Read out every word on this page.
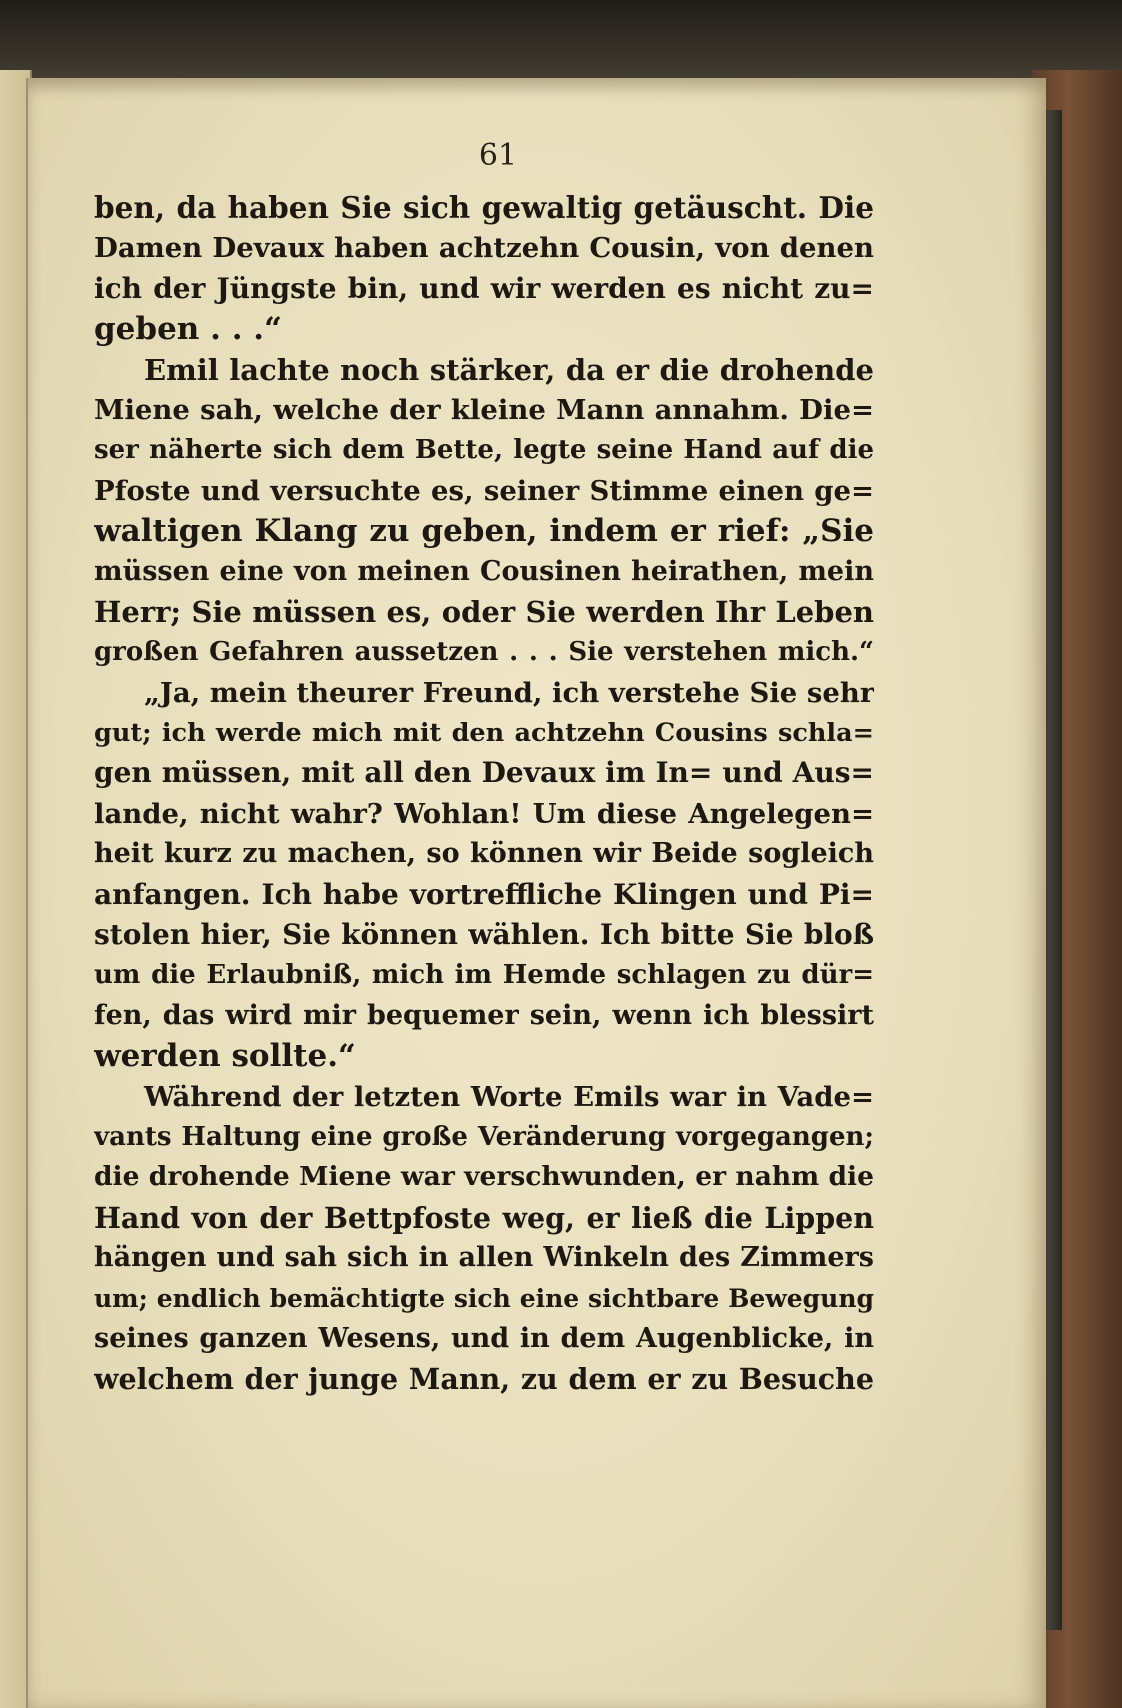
61
ben, da haben Sie sich gewaltig getäuscht. Die
Damen Devaux haben achtzehn Cousin, von denen
ich der Jüngste bin, und wir werden es nicht zu=
geben . . .“
Emil lachte noch stärker, da er die drohende
Miene sah, welche der kleine Mann annahm. Die=
ser näherte sich dem Bette, legte seine Hand auf die
Pfoste und versuchte es, seiner Stimme einen ge=
waltigen Klang zu geben, indem er rief: „Sie
müssen eine von meinen Cousinen heirathen, mein
Herr; Sie müssen es, oder Sie werden Ihr Leben
großen Gefahren aussetzen . . . Sie verstehen mich.“
„Ja, mein theurer Freund, ich verstehe Sie sehr
gut; ich werde mich mit den achtzehn Cousins schla=
gen müssen, mit all den Devaux im In= und Aus=
lande, nicht wahr? Wohlan! Um diese Angelegen=
heit kurz zu machen, so können wir Beide sogleich
anfangen. Ich habe vortreffliche Klingen und Pi=
stolen hier, Sie können wählen. Ich bitte Sie bloß
um die Erlaubniß, mich im Hemde schlagen zu dür=
fen, das wird mir bequemer sein, wenn ich blessirt
werden sollte.“
Während der letzten Worte Emils war in Vade=
vants Haltung eine große Veränderung vorgegangen;
die drohende Miene war verschwunden, er nahm die
Hand von der Bettpfoste weg, er ließ die Lippen
hängen und sah sich in allen Winkeln des Zimmers
um; endlich bemächtigte sich eine sichtbare Bewegung
seines ganzen Wesens, und in dem Augenblicke, in
welchem der junge Mann, zu dem er zu Besuche
